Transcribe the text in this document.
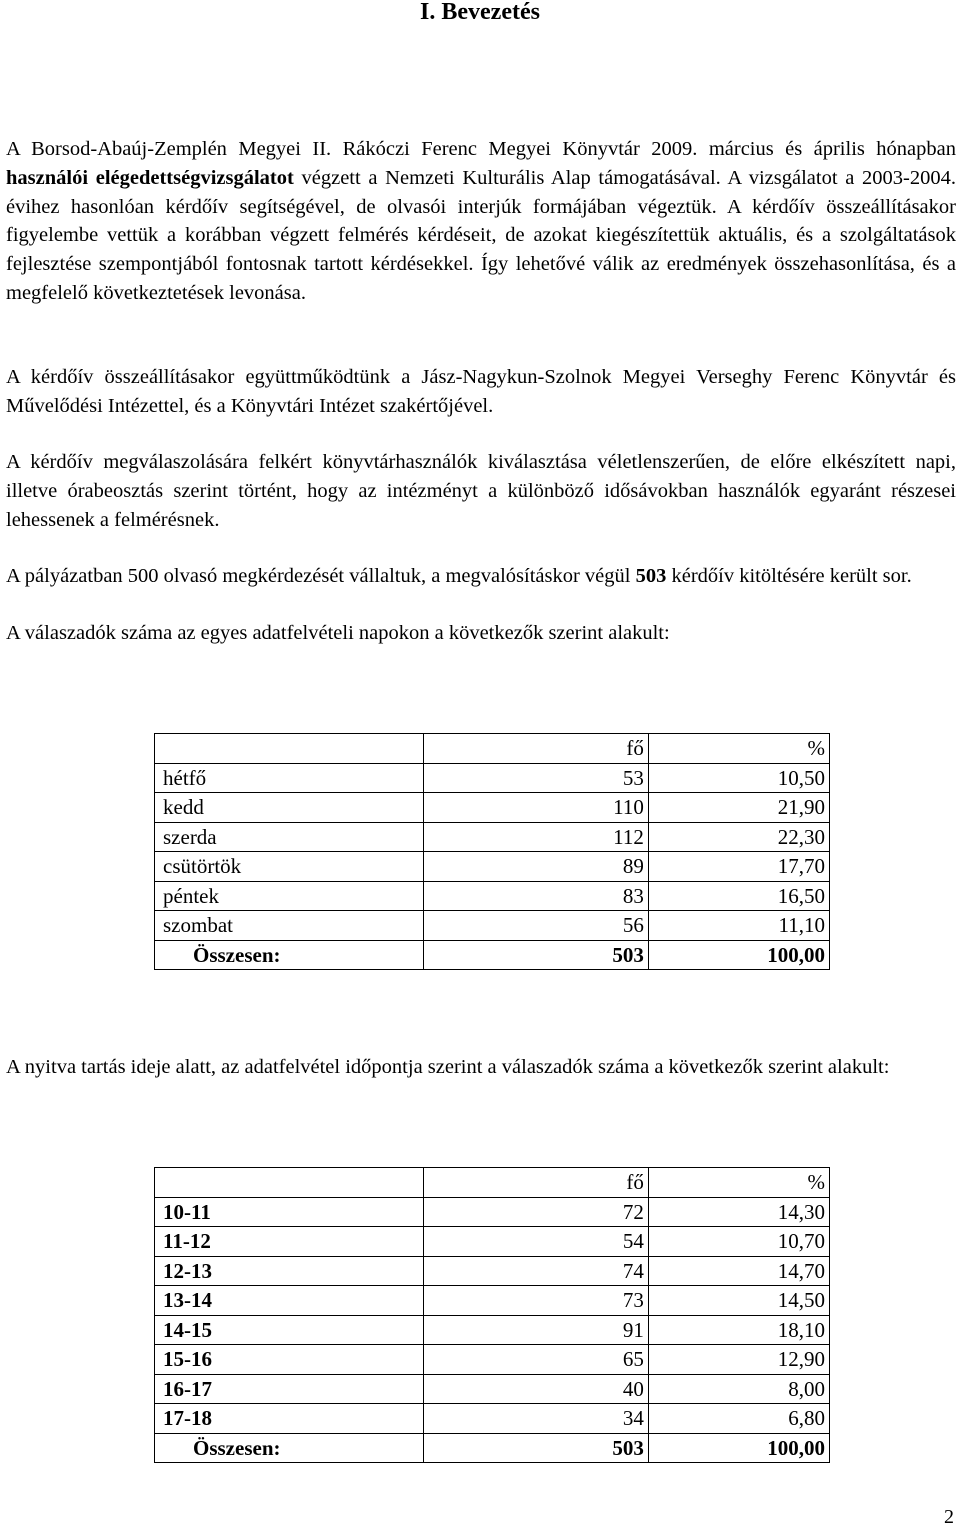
I. Bevezetés

A Borsod-Abaúj-Zemplén Megyei II. Rákóczi Ferenc Megyei Könyvtár 2009. március és április hónapban használói elégedettségvizsgálatot végzett a Nemzeti Kulturális Alap támogatásával. A vizsgálatot a 2003-2004. évihez hasonlóan kérdőív segítségével, de olvasói interjúk formájában végeztük. A kérdőív összeállításakor figyelembe vettük a korábban végzett felmérés kérdéseit, de azokat kiegészítettük aktuális, és a szolgáltatások fejlesztése szempontjából fontosnak tartott kérdésekkel. Így lehetővé válik az eredmények összehasonlítása, és a megfelelő következtetések levonása.

A kérdőív összeállításakor együttműködtünk a Jász-Nagykun-Szolnok Megyei Verseghy Ferenc Könyvtár és Művelődési Intézettel, és a Könyvtári Intézet szakértőjével.

A kérdőív megválaszolására felkért könyvtárhasználók kiválasztása véletlenszerűen, de előre elkészített napi, illetve órabeosztás szerint történt, hogy az intézményt a különböző idősávokban használók egyaránt részesei lehessenek a felmérésnek.

A pályázatban 500 olvasó megkérdezését vállaltuk, a megvalósításkor végül 503 kérdőív kitöltésére került sor.

A válaszadók száma az egyes adatfelvételi napokon a következők szerint alakult:

	fő	%
hétfő	53	10,50
kedd	110	21,90
szerda	112	22,30
csütörtök	89	17,70
péntek	83	16,50
szombat	56	11,10
Összesen:	503	100,00

A nyitva tartás ideje alatt, az adatfelvétel időpontja szerint a válaszadók száma a következők szerint alakult:

	fő	%
10-11	72	14,30
11-12	54	10,70
12-13	74	14,70
13-14	73	14,50
14-15	91	18,10
15-16	65	12,90
16-17	40	8,00
17-18	34	6,80
Összesen:	503	100,00
2
